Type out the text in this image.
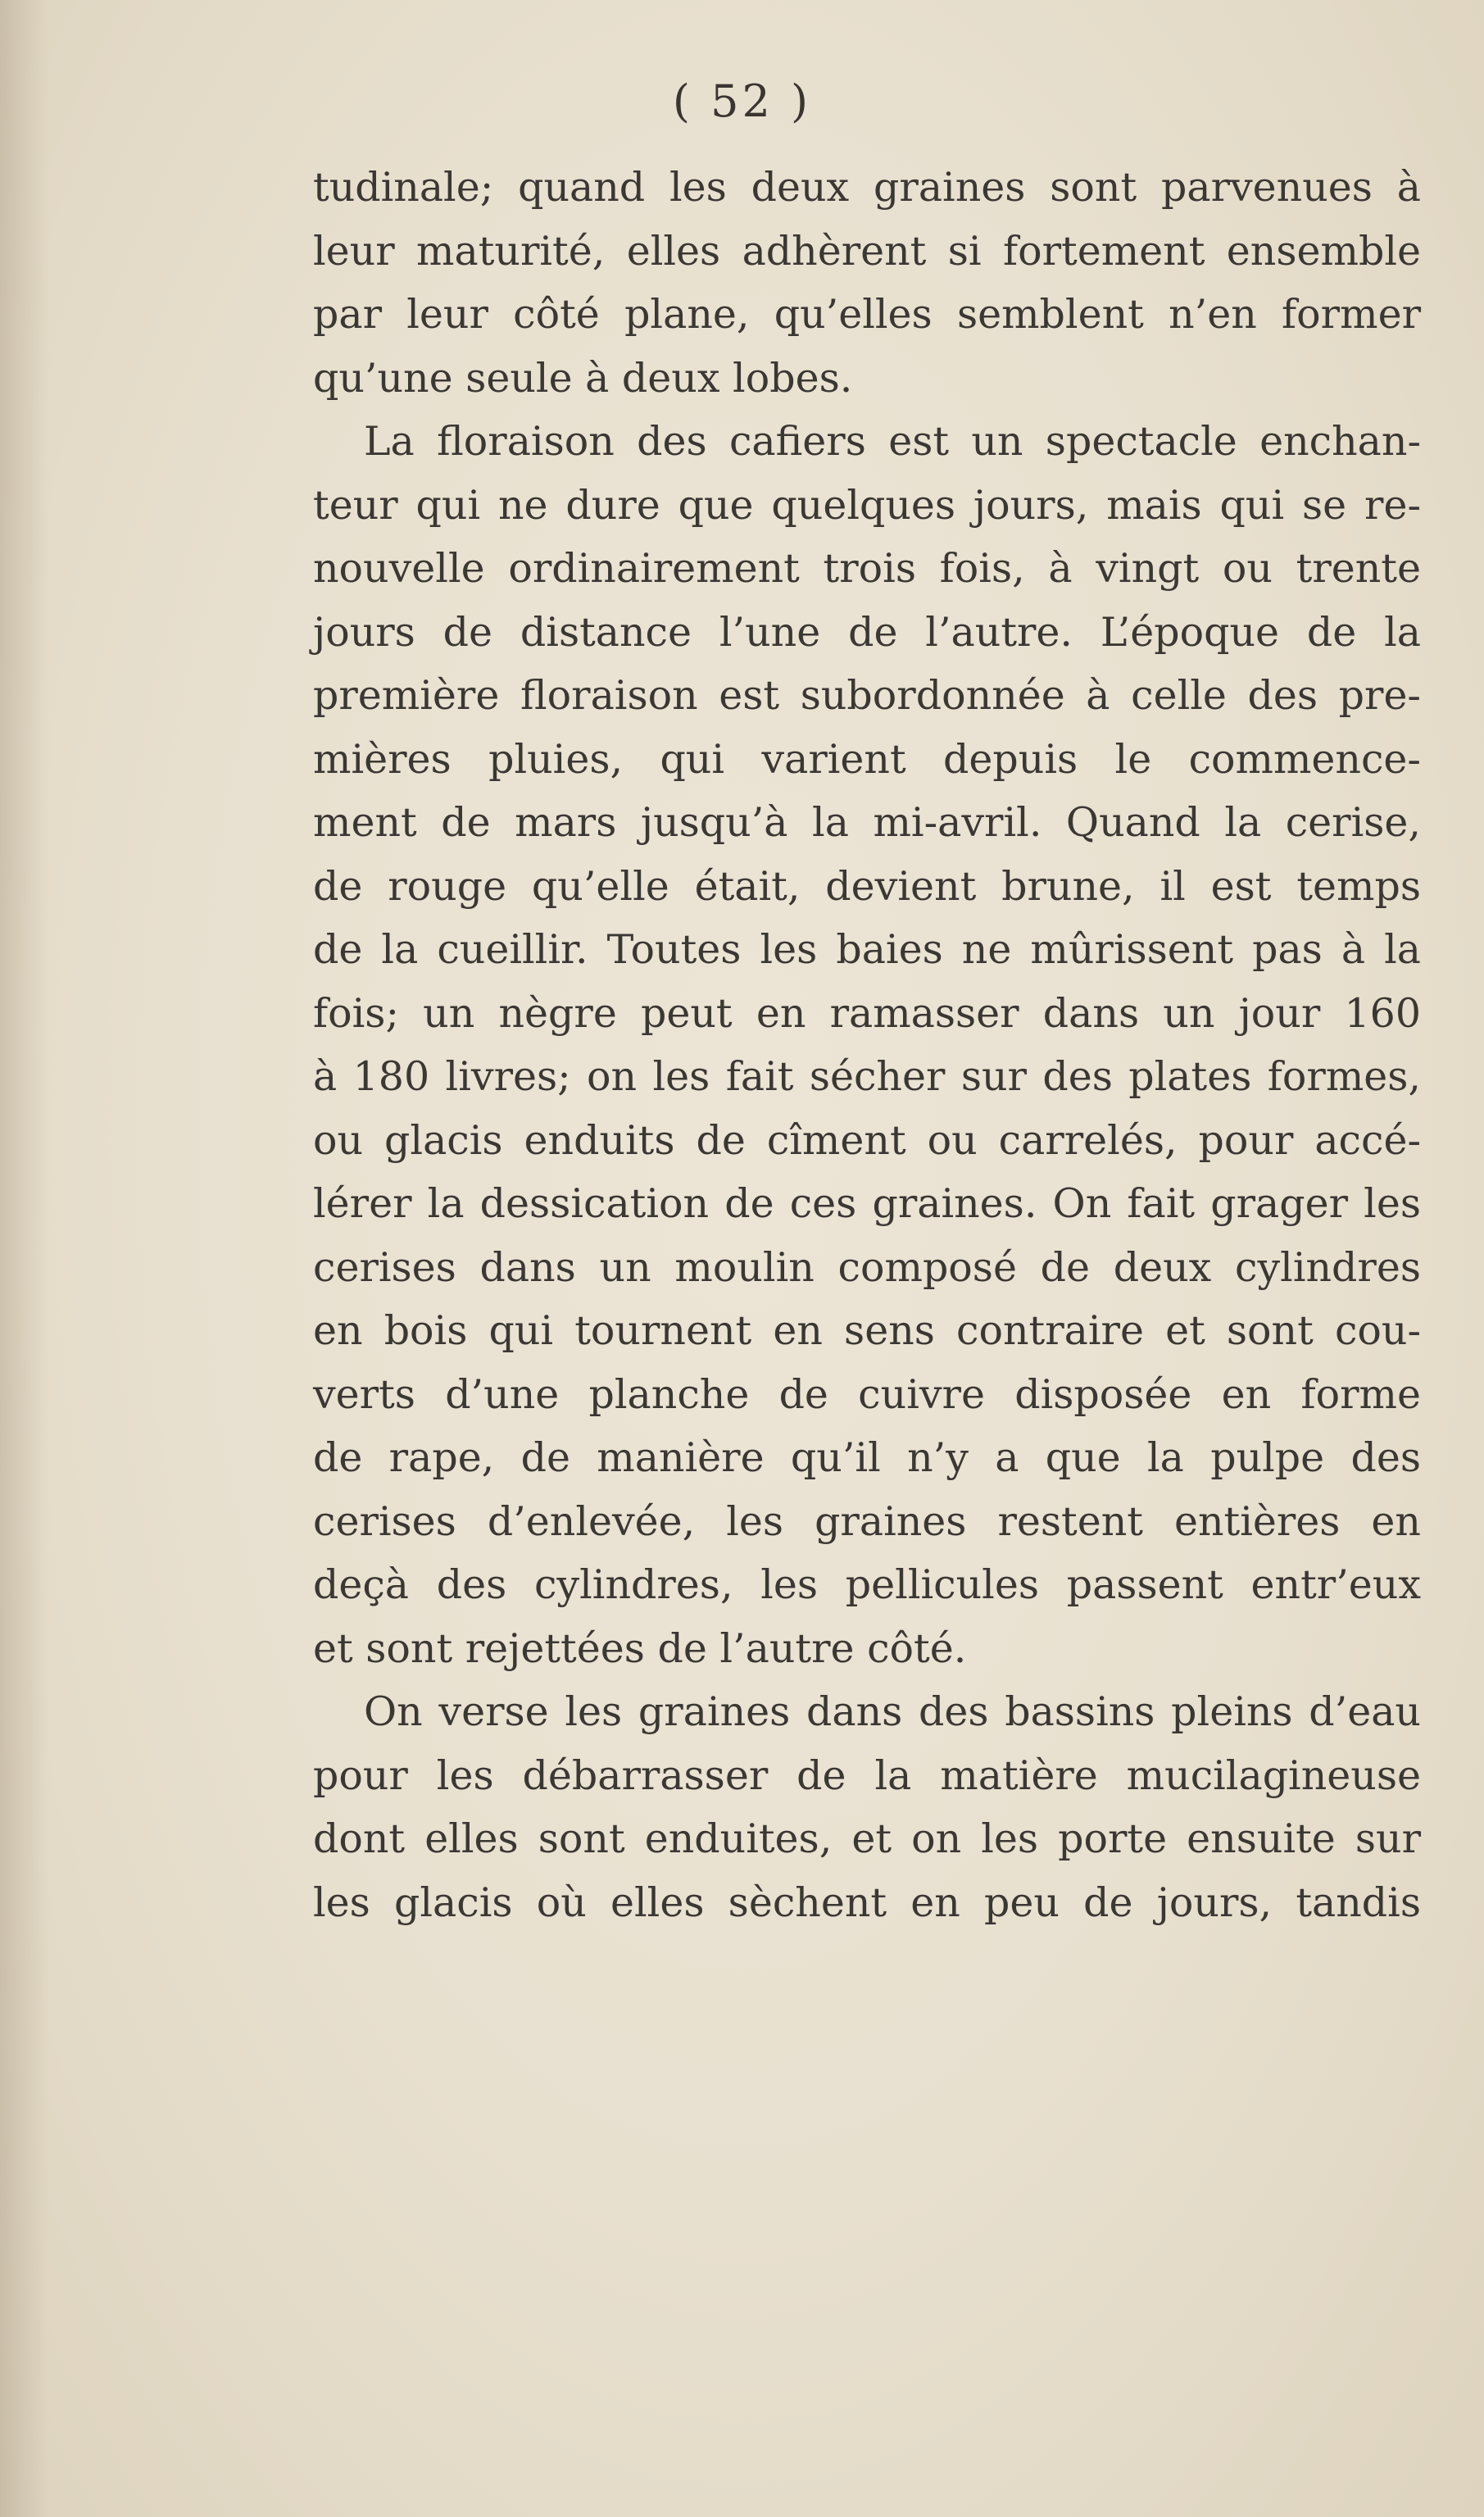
( 52 )
tudinale; quand les deux graines sont parvenues à
leur maturité, elles adhèrent si fortement ensemble
par leur côté plane, qu’elles semblent n’en former
qu’une seule à deux lobes.
La floraison des cafiers est un spectacle enchan-
teur qui ne dure que quelques jours, mais qui se re-
nouvelle ordinairement trois fois, à vingt ou trente
jours de distance l’une de l’autre. L’époque de la
première floraison est subordonnée à celle des pre-
mières pluies, qui varient depuis le commence-
ment de mars jusqu’à la mi-avril. Quand la cerise,
de rouge qu’elle était, devient brune, il est temps
de la cueillir. Toutes les baies ne mûrissent pas à la
fois; un nègre peut en ramasser dans un jour 160
à 180 livres; on les fait sécher sur des plates formes,
ou glacis enduits de cîment ou carrelés, pour accé-
lérer la dessication de ces graines. On fait grager les
cerises dans un moulin composé de deux cylindres
en bois qui tournent en sens contraire et sont cou-
verts d’une planche de cuivre disposée en forme
de rape, de manière qu’il n’y a que la pulpe des
cerises d’enlevée, les graines restent entières en
deçà des cylindres, les pellicules passent entr’eux
et sont rejettées de l’autre côté.
On verse les graines dans des bassins pleins d’eau
pour les débarrasser de la matière mucilagineuse
dont elles sont enduites, et on les porte ensuite sur
les glacis où elles sèchent en peu de jours, tandis
